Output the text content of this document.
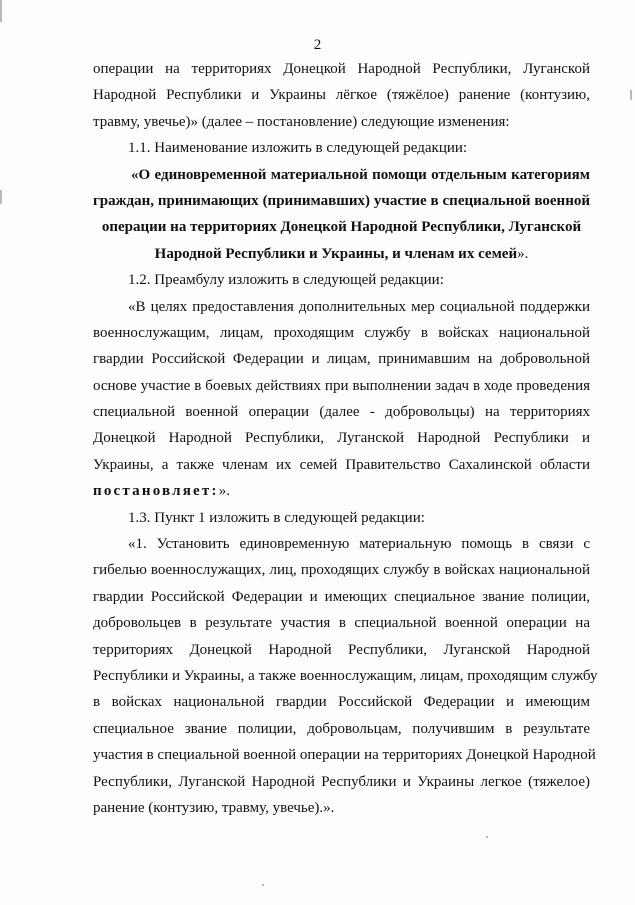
2
операции на территориях Донецкой Народной Республики, Луганской
Народной Республики и Украины лёгкое (тяжёлое) ранение (контузию,
травму, увечье)» (далее – постановление) следующие изменения:
1.1. Наименование изложить в следующей редакции:
«О единовременной материальной помощи отдельным категориям
граждан, принимающих (принимавших) участие в специальной военной
операции на территориях Донецкой Народной Республики, Луганской
Народной Республики и Украины, и членам их семей».
1.2. Преамбулу изложить в следующей редакции:
«В целях предоставления дополнительных мер социальной поддержки
военнослужащим, лицам, проходящим службу в войсках национальной
гвардии Российской Федерации и лицам, принимавшим на добровольной
основе участие в боевых действиях при выполнении задач в ходе проведения
специальной военной операции (далее - добровольцы) на территориях
Донецкой Народной Республики, Луганской Народной Республики и
Украины, а также членам их семей Правительство Сахалинской области
постановляет:».
1.3. Пункт 1 изложить в следующей редакции:
«1. Установить единовременную материальную помощь в связи с
гибелью военнослужащих, лиц, проходящих службу в войсках национальной
гвардии Российской Федерации и имеющих специальное звание полиции,
добровольцев в результате участия в специальной военной операции на
территориях Донецкой Народной Республики, Луганской Народной
Республики и Украины, а также военнослужащим, лицам, проходящим службу
в войсках национальной гвардии Российской Федерации и имеющим
специальное звание полиции, добровольцам, получившим в результате
участия в специальной военной операции на территориях Донецкой Народной
Республики, Луганской Народной Республики и Украины легкое (тяжелое)
ранение (контузию, травму, увечье).».
